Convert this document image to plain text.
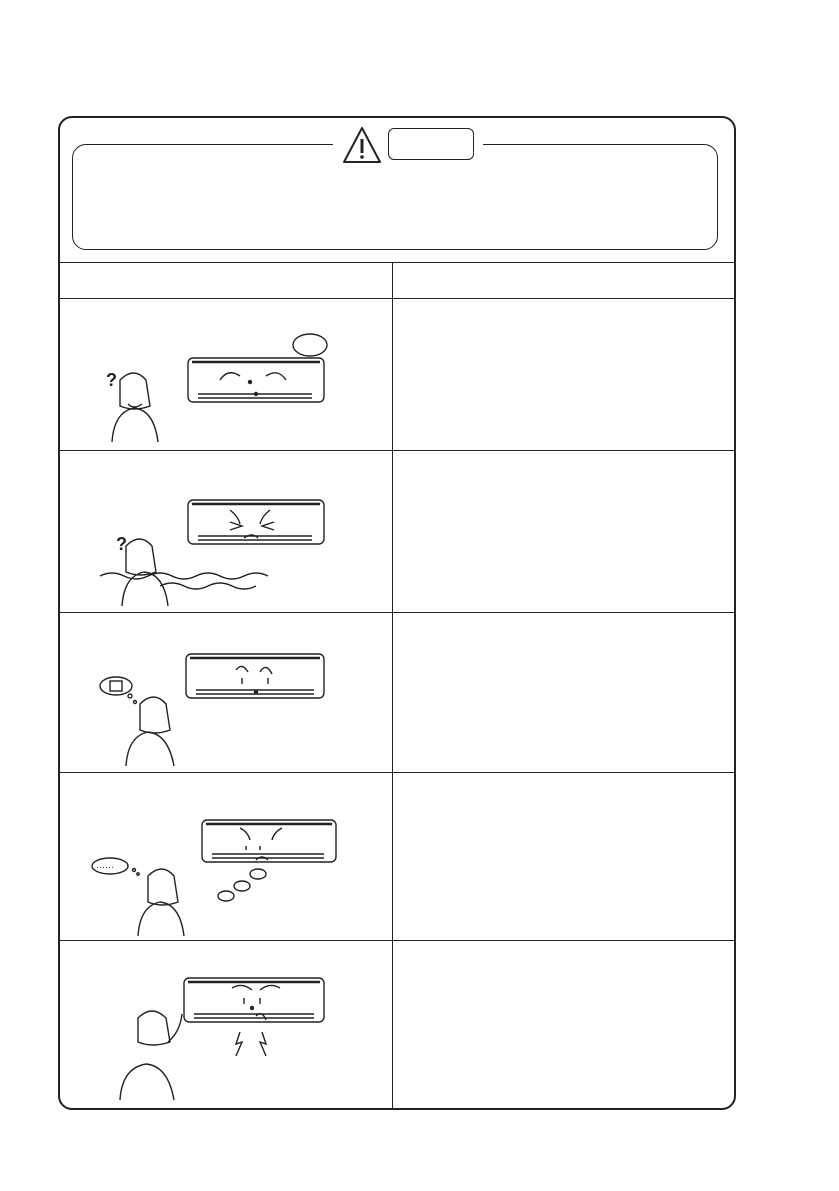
?
?
······
